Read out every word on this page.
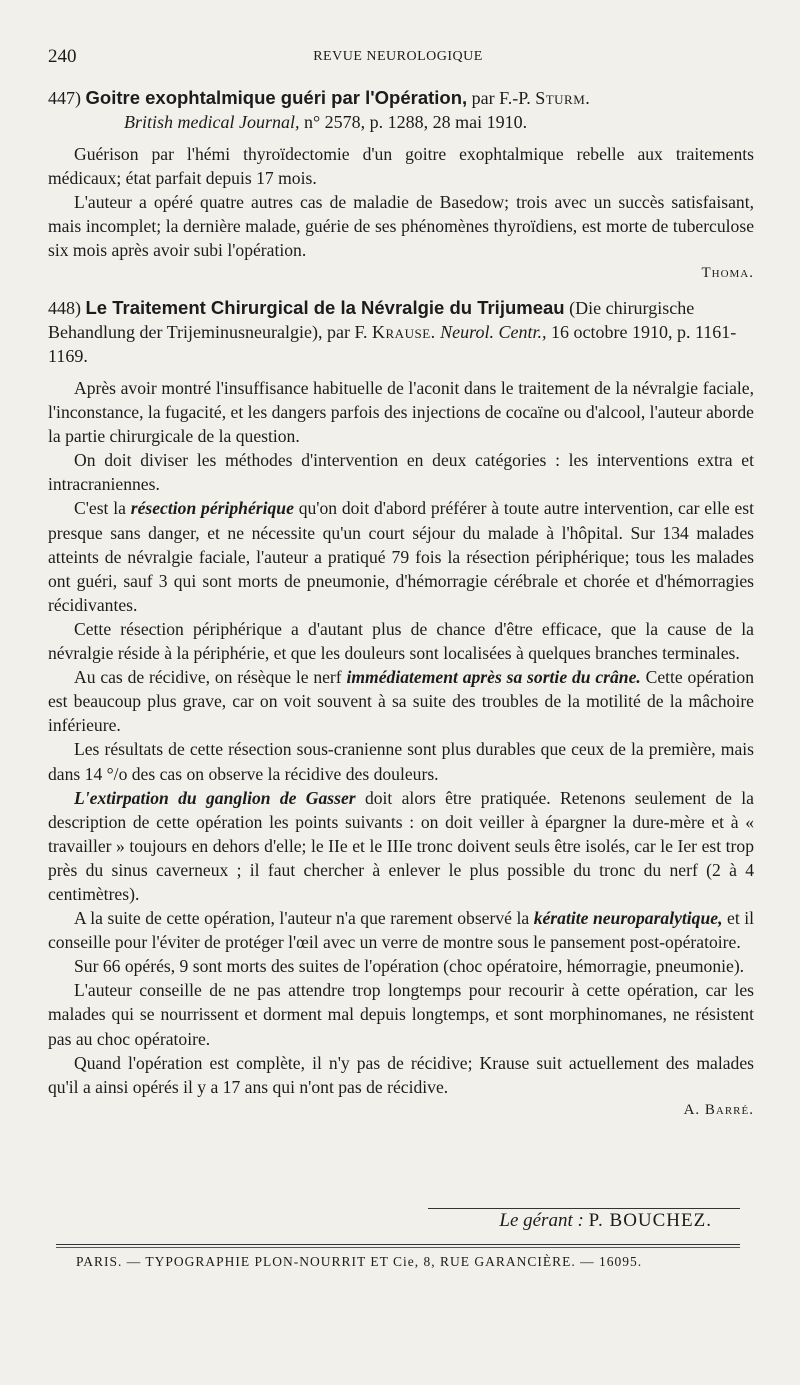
240	REVUE NEUROLOGIQUE

447) Goitre exophtalmique guéri par l'Opération, par F.-P. Sturm.
British medical Journal, n° 2578, p. 1288, 28 mai 1910.

Guérison par l'hémi thyroïdectomie d'un goitre exophtalmique rebelle aux traitements médicaux; état parfait depuis 17 mois.

L'auteur a opéré quatre autres cas de maladie de Basedow; trois avec un succès satisfaisant, mais incomplet; la dernière malade, guérie de ses phénomènes thyroïdiens, est morte de tuberculose six mois après avoir subi l'opération.

Thoma.

448) Le Traitement Chirurgical de la Névralgie du Trijumeau (Die chirurgische Behandlung der Trijeminusneuralgie), par F. Krause. Neurol. Centr., 16 octobre 1910, p. 1161-1169.

Après avoir montré l'insuffisance habituelle de l'aconit dans le traitement de la névralgie faciale, l'inconstance, la fugacité, et les dangers parfois des injections de cocaïne ou d'alcool, l'auteur aborde la partie chirurgicale de la question.

On doit diviser les méthodes d'intervention en deux catégories : les interventions extra et intracraniennes.

C'est la résection périphérique qu'on doit d'abord préférer à toute autre intervention, car elle est presque sans danger, et ne nécessite qu'un court séjour du malade à l'hôpital. Sur 134 malades atteints de névralgie faciale, l'auteur a pratiqué 79 fois la résection périphérique; tous les malades ont guéri, sauf 3 qui sont morts de pneumonie, d'hémorragie cérébrale et chorée et d'hémorragies récidivantes.

Cette résection périphérique a d'autant plus de chance d'être efficace, que la cause de la névralgie réside à la périphérie, et que les douleurs sont localisées à quelques branches terminales.

Au cas de récidive, on résèque le nerf immédiatement après sa sortie du crâne. Cette opération est beaucoup plus grave, car on voit souvent à sa suite des troubles de la motilité de la mâchoire inférieure.

Les résultats de cette résection sous-cranienne sont plus durables que ceux de la première, mais dans 14 °/o des cas on observe la récidive des douleurs.

L'extirpation du ganglion de Gasser doit alors être pratiquée. Retenons seulement de la description de cette opération les points suivants : on doit veiller à épargner la dure-mère et à « travailler » toujours en dehors d'elle; le IIe et le IIIe tronc doivent seuls être isolés, car le Ier est trop près du sinus caverneux ; il faut chercher à enlever le plus possible du tronc du nerf (2 à 4 centimètres).

A la suite de cette opération, l'auteur n'a que rarement observé la kératite neuroparalytique, et il conseille pour l'éviter de protéger l'œil avec un verre de montre sous le pansement post-opératoire.

Sur 66 opérés, 9 sont morts des suites de l'opération (choc opératoire, hémorragie, pneumonie).

L'auteur conseille de ne pas attendre trop longtemps pour recourir à cette opération, car les malades qui se nourrissent et dorment mal depuis longtemps, et sont morphinomanes, ne résistent pas au choc opératoire.

Quand l'opération est complète, il n'y pas de récidive; Krause suit actuellement des malades qu'il a ainsi opérés il y a 17 ans qui n'ont pas de récidive.

A. Barré.

Le gérant : P. BOUCHEZ.
PARIS. — TYPOGRAPHIE PLON-NOURRIT ET Cie, 8, RUE GARANCIÈRE. — 16095.
